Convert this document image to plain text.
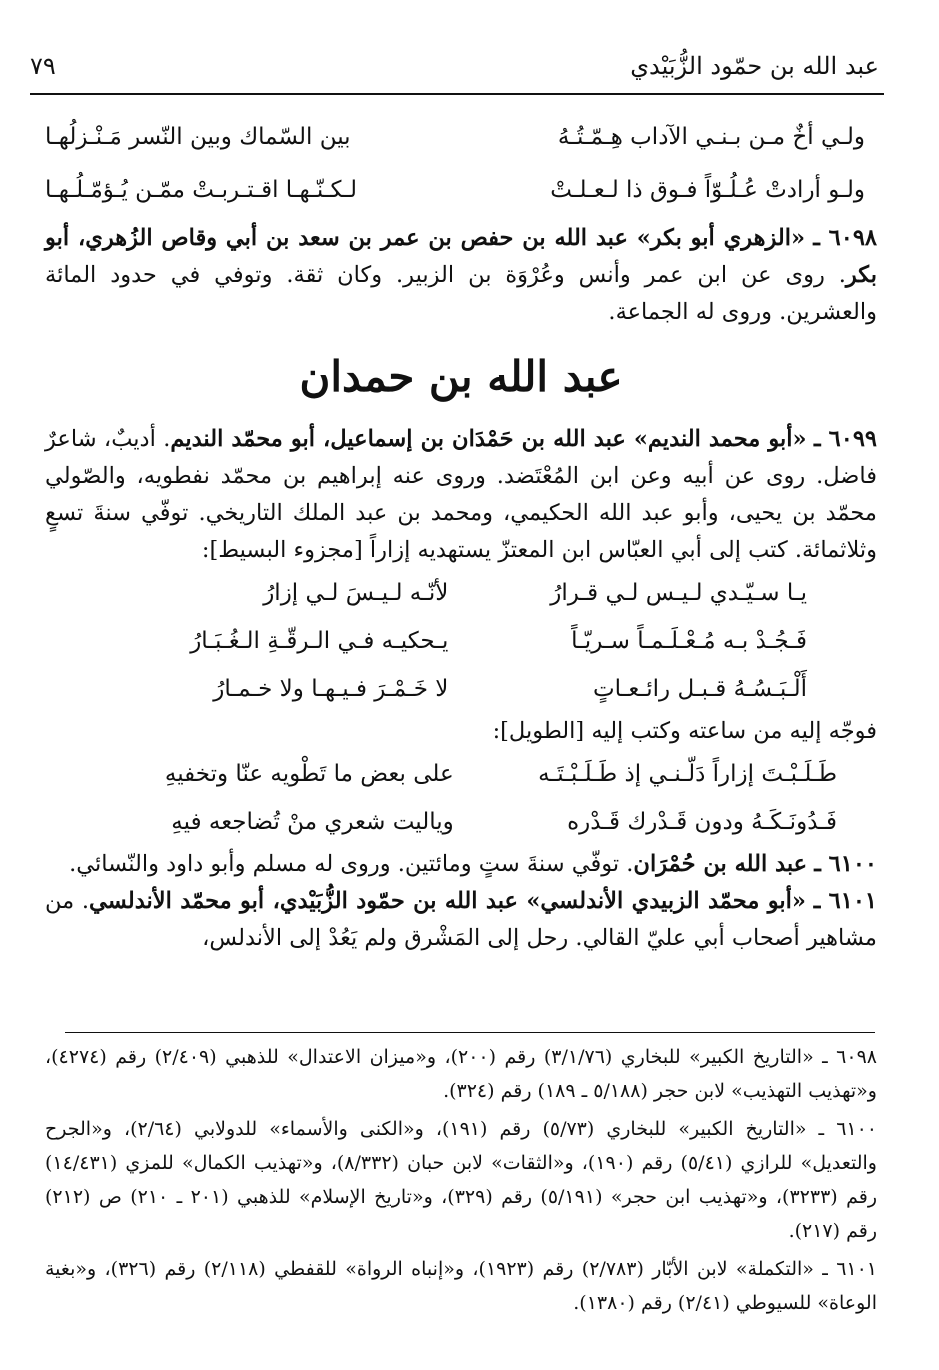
عبد الله بن حمّود الزُّبَيْدي
٧٩
ولـي أخٌ مـن بـنـي الآداب هِـمّـتُـهُ
بين السّماك وبين النّسر مَـنْـزلُهـا
ولـو أرادتْ عُـلُـوّاً فـوق ذا لـعـلـتْ
لـكـنّـهـا اقـتـربـتْ ممّـن يُـؤمّـلُـهـا

٦٠٩٨ ـ «الزهري أبو بكر» عبد الله بن حفص بن عمر بن سعد بن أبي وقاص الزُهري، أبو بكر. روى عن ابن عمر وأنس وعُرْوَة بن الزبير. وكان ثقة. وتوفي في حدود المائة والعشرين. وروى له الجماعة.

عبد الله بن حمدان

٦٠٩٩ ـ «أبو محمد النديم» عبد الله بن حَمْدَان بن إسماعيل، أبو محمّد النديم. أديبٌ، شاعرٌ فاضل. روى عن أبيه وعن ابن المُعْتَضد. وروى عنه إبراهيم بن محمّد نفطويه، والصّولي محمّد بن يحيى، وأبو عبد الله الحكيمي، ومحمد بن عبد الملك التاريخي. توفّي سنةَ تسعٍ وثلاثمائة. كتب إلى أبي العبّاس ابن المعتزّ يستهديه إزاراً [مجزوء البسيط]:

يـا سـيّـدي لـيـس لـي قـرارُ
لأنّـه لـيـسَ لـي إزارُ
فَـجُـدْ بـه مُـعْـلَـمـاً سـريّـاً
يـحكيـه فـي الـرقّـةِ الـغُـبَـارُ
أَلْـبَـسُـهُ قـبـل رائـعـاتٍ
لا خَـمْـرَ فـيـهـا ولا خـمـارُ

فوجّه إليه من ساعته وكتب إليه [الطويل]:

طَـلَـبْـتَ إزاراً دَلّـنـي إذ طَـلَـبْـتَـه
على بعض ما تَطْويه عنّا وتخفيهِ
فَـدُونَـكَـهُ ودون قَـدْرك قَـدْره
وياليت شعري منْ تُضاجعه فيهِ

٦١٠٠ ـ عبد الله بن حُمْرَان. توفّي سنةَ ستٍ ومائتين. وروى له مسلم وأبو داود والنّسائي.

٦١٠١ ـ «أبو محمّد الزبيدي الأندلسي» عبد الله بن حمّود الزُّبَيْدي، أبو محمّد الأندلسي. من مشاهير أصحاب أبي عليّ القالي. رحل إلى المَشْرق ولم يَعُدْ إلى الأندلس،

٦٠٩٨ ـ «التاريخ الكبير» للبخاري (٣/١/٧٦) رقم (٢٠٠)، و«ميزان الاعتدال» للذهبي (٢/٤٠٩) رقم (٤٢٧٤)، و«تهذيب التهذيب» لابن حجر (٥/١٨٨ ـ ١٨٩) رقم (٣٢٤).

٦١٠٠ ـ «التاريخ الكبير» للبخاري (٥/٧٣) رقم (١٩١)، و«الكنى والأسماء» للدولابي (٢/٦٤)، و«الجرح والتعديل» للرازي (٥/٤١) رقم (١٩٠)، و«الثقات» لابن حبان (٨/٣٣٢)، و«تهذيب الكمال» للمزي (١٤/٤٣١) رقم (٣٢٣٣)، و«تهذيب ابن حجر» (٥/١٩١) رقم (٣٢٩)، و«تاريخ الإسلام» للذهبي (٢٠١ ـ ٢١٠) ص (٢١٢) رقم (٢١٧).

٦١٠١ ـ «التكملة» لابن الأبّار (٢/٧٨٣) رقم (١٩٢٣)، و«إنباه الرواة» للقفطي (٢/١١٨) رقم (٣٢٦)، و«بغية الوعاة» للسيوطي (٢/٤١) رقم (١٣٨٠).
